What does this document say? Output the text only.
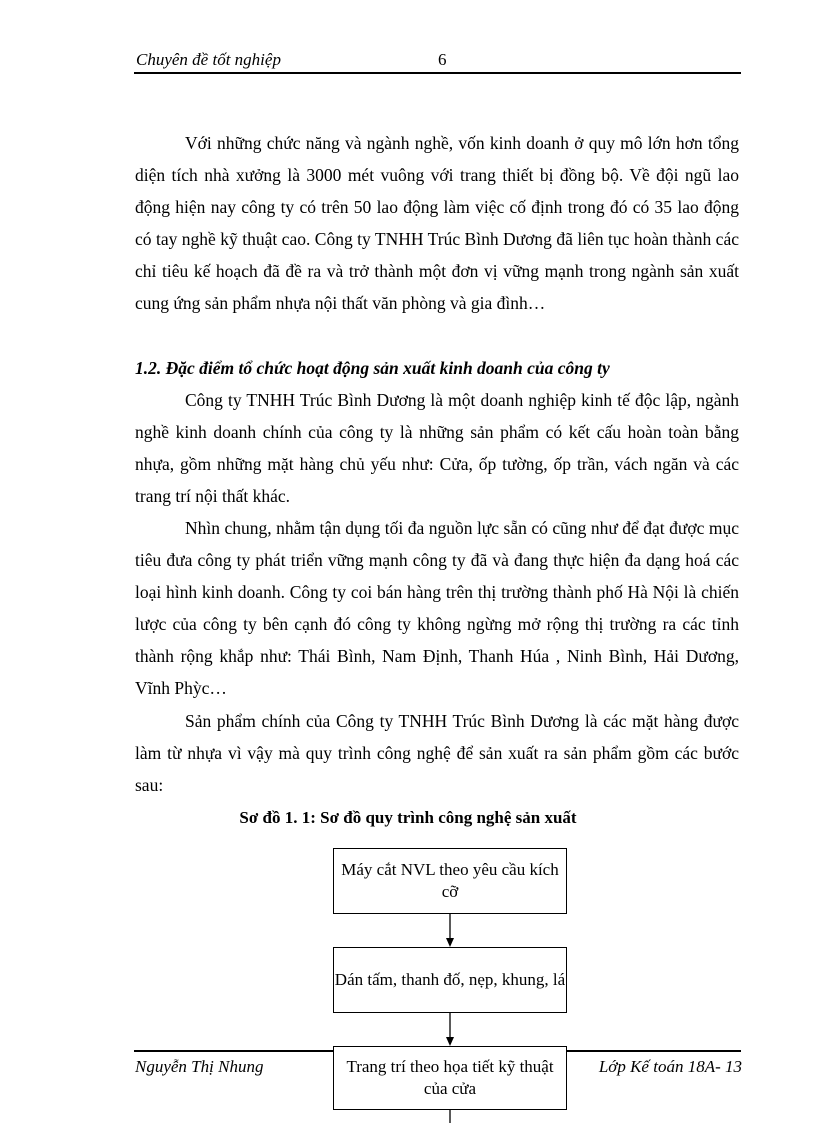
Chuyên đề tốt nghiệp	6

Với những chức năng và ngành nghề, vốn kinh doanh ở quy mô lớn hơn tổng diện tích nhà xưởng là 3000 mét vuông với trang thiết bị đồng bộ. Về đội ngũ lao động hiện nay công ty có trên 50 lao động làm việc cố định trong đó có 35 lao động có tay nghề kỹ thuật cao. Công ty TNHH Trúc Bình Dương đã liên tục hoàn thành các chỉ tiêu kế hoạch đã đề ra và trở thành một đơn vị vững mạnh trong ngành sản xuất cung ứng sản phẩm nhựa nội thất văn phòng và gia đình…

1.2. Đặc điểm tổ chức hoạt động sản xuất kinh doanh của công ty

Công ty TNHH Trúc Bình Dương là một doanh nghiệp kinh tế độc lập, ngành nghề kinh doanh chính của công ty là những sản phẩm có kết cấu hoàn toàn bằng nhựa, gồm những mặt hàng chủ yếu như: Cửa, ốp tường, ốp trần, vách ngăn và các trang trí nội thất khác.

Nhìn chung, nhằm tận dụng tối đa nguồn lực sẵn có cũng như để đạt được mục tiêu đưa công ty phát triển vững mạnh công ty đã và đang thực hiện đa dạng hoá các loại hình kinh doanh. Công ty coi bán hàng trên thị trường thành phố Hà Nội là chiến lược của công ty bên cạnh đó công ty không ngừng mở rộng thị trường ra các tỉnh thành rộng khắp như: Thái Bình, Nam Định, Thanh Húa , Ninh Bình, Hải Dương, Vĩnh Phỳc…

Sản phẩm chính của Công ty TNHH Trúc Bình Dương là các mặt hàng được làm từ nhựa vì vậy mà quy trình công nghệ để sản xuất ra sản phẩm gồm các bước sau:

Sơ đồ 1. 1: Sơ đồ quy trình công nghệ sản xuất

Máy cắt NVL theo yêu cầu kích cỡ
Dán tấm, thanh đố, nẹp, khung, lá
Trang trí theo họa tiết kỹ thuật của cửa
Nguyễn Thị Nhung	Lớp Kế toán 18A- 13
